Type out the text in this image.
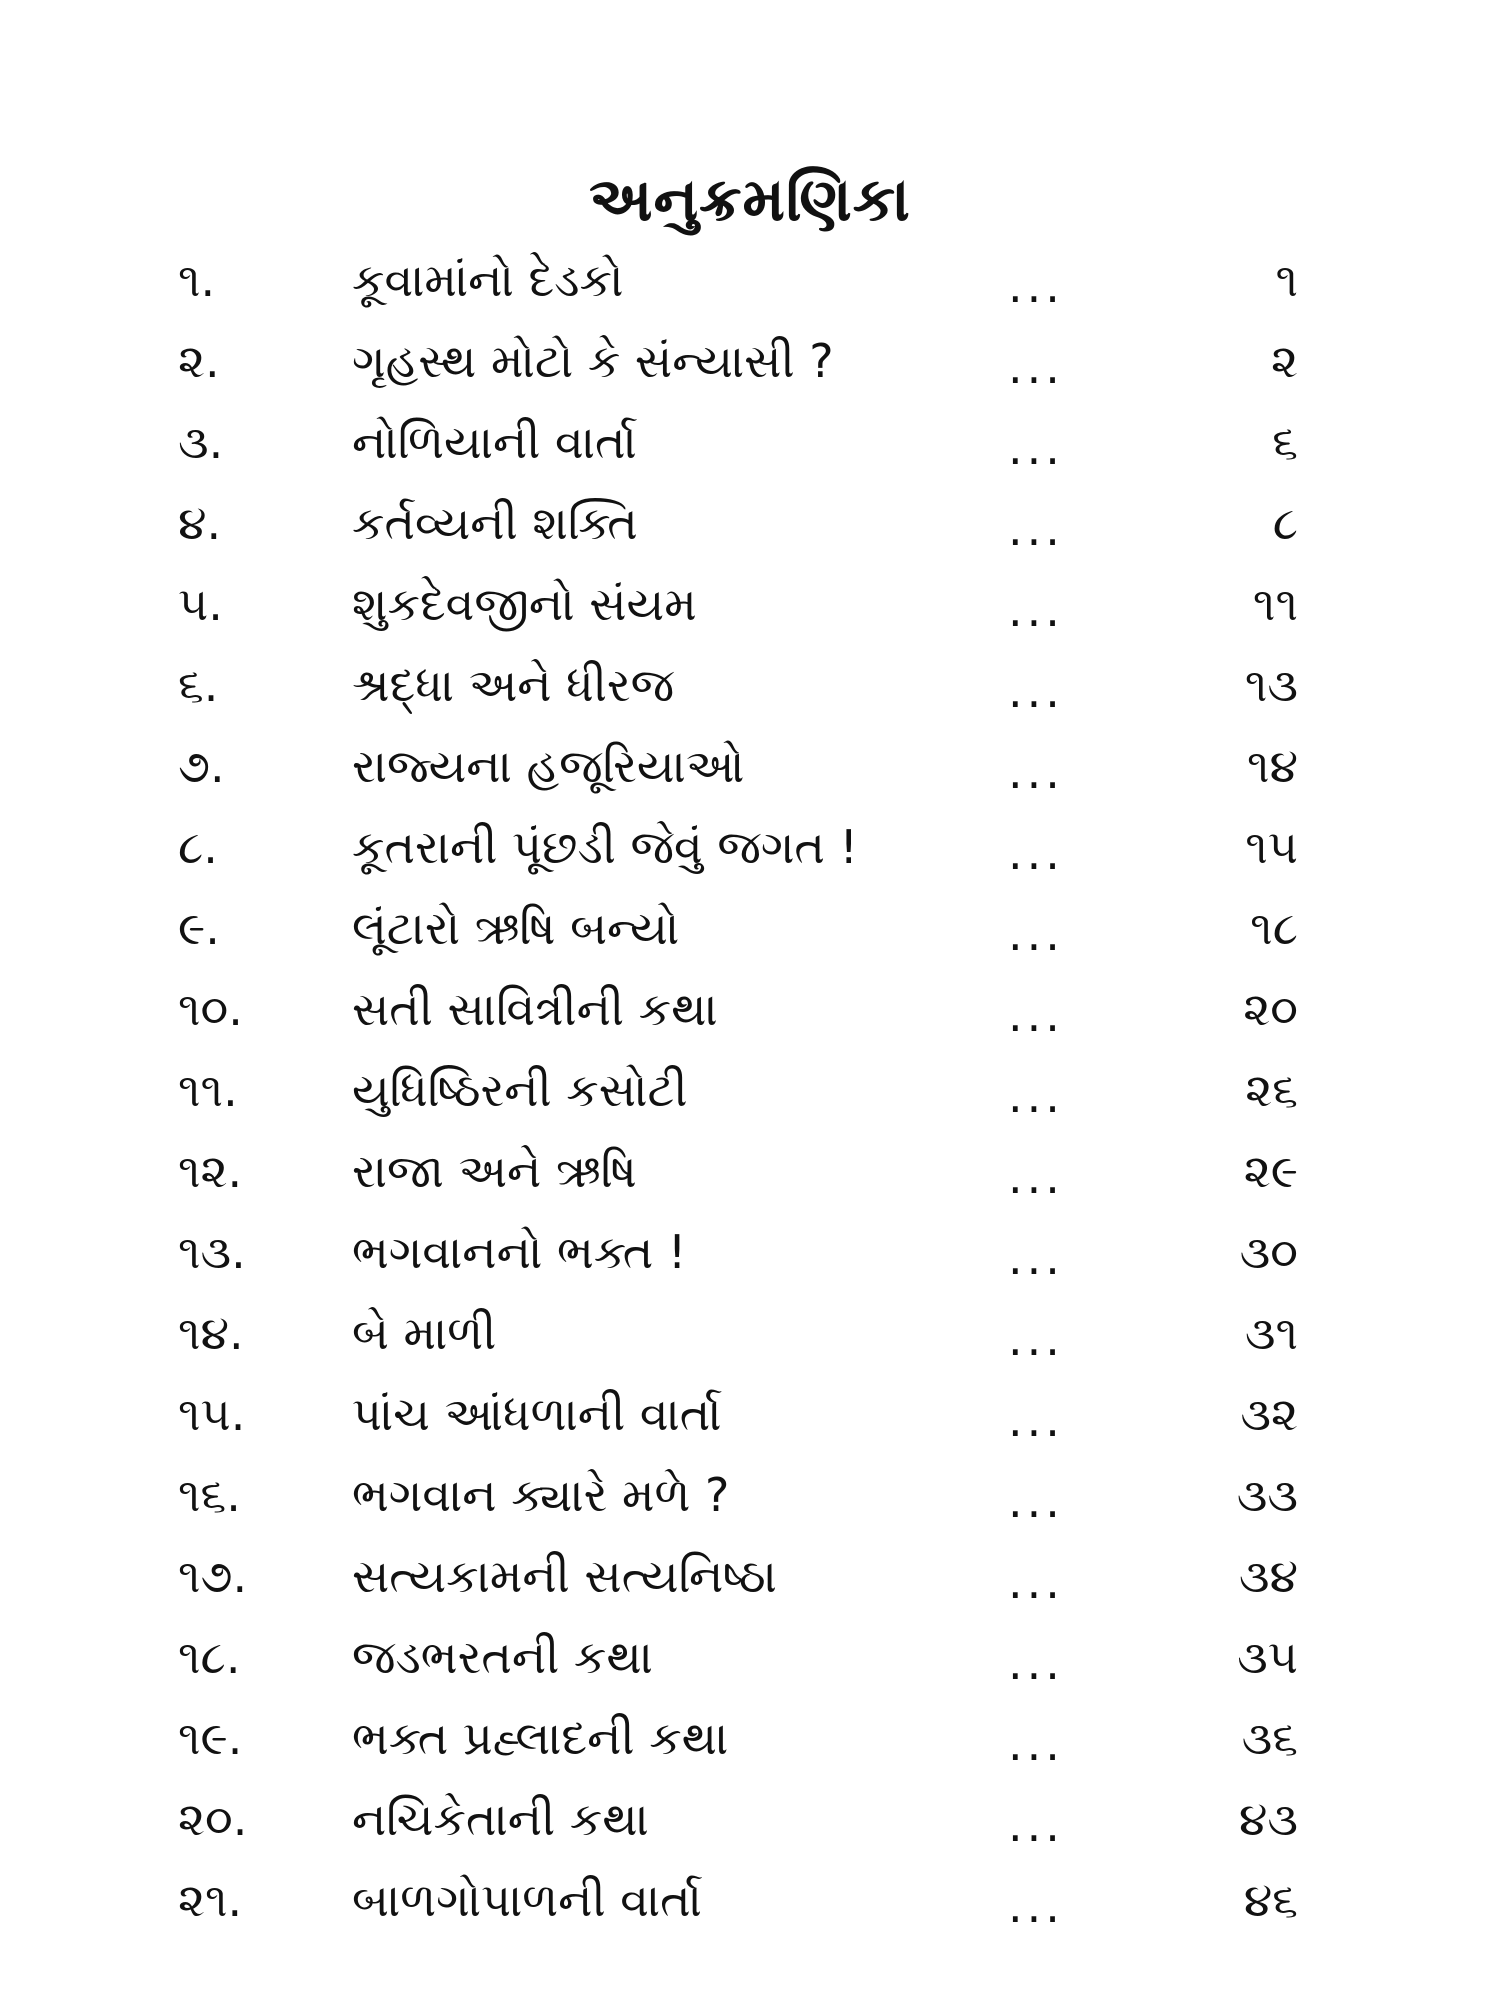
અનુક્રમણિકા
૧.	કૂવામાંનો દેડકો	...	૧
૨.	ગૃહસ્થ મોટો કે સંન્યાસી ?	...	૨
૩.	નોળિયાની વાર્તા	...	૬
૪.	કર્તવ્યની શક્તિ	...	૮
૫.	શુકદેવજીનો સંયમ	...	૧૧
૬.	શ્રદ્ધા અને ધીરજ	...	૧૩
૭.	રાજ્યના હજૂરિયાઓ	...	૧૪
૮.	કૂતરાની પૂંછડી જેવું જગત !	...	૧૫
૯.	લૂંટારો ઋષિ બન્યો	...	૧૮
૧૦. સતી સાવિત્રીની કથા	...	૨૦
૧૧. યુધિષ્ઠિરની કસોટી	...	૨૬
૧૨. રાજા અને ઋષિ	...	૨૯
૧૩. ભગવાનનો ભક્ત !	...	૩૦
૧૪. બે માળી	...	૩૧
૧૫. પાંચ આંધળાની વાર્તા	...	૩૨
૧૬. ભગવાન ક્યારે મળે ?	...	૩૩
૧૭. સત્યકામની સત્યનિષ્ઠા	...	૩૪
૧૮. જડભરતની કથા	...	૩૫
૧૯. ભક્ત પ્રહ્લાદની કથા	...	૩૬
૨૦. નચિકેતાની કથા	...	૪૩
૨૧. બાળગોપાળની વાર્તા	...	૪૬
